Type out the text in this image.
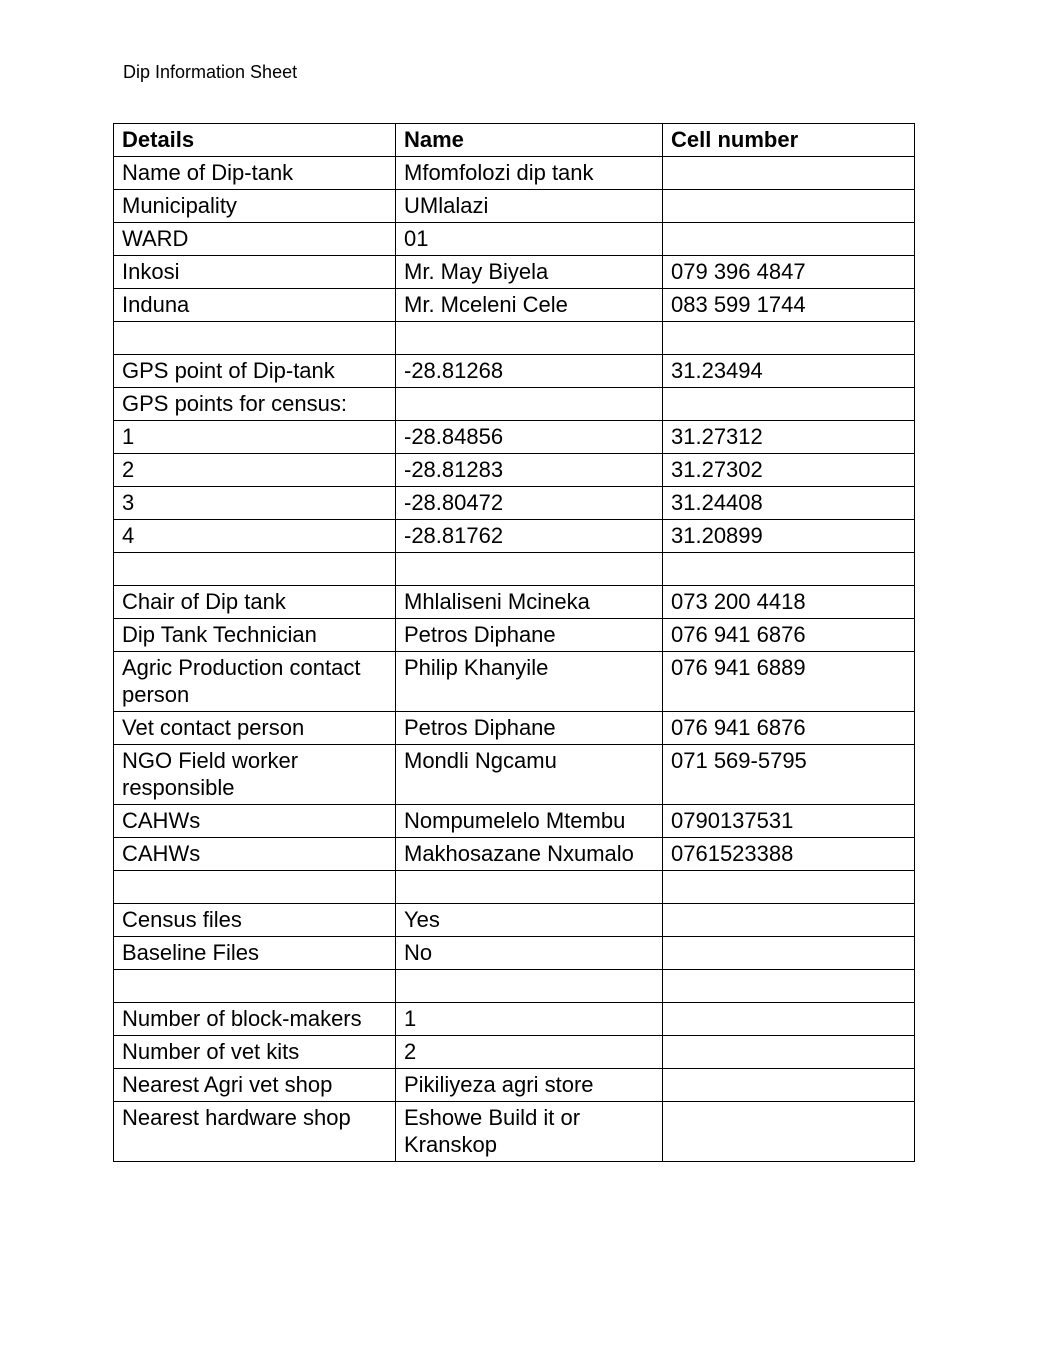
Dip Information Sheet
Details	Name	Cell number
Name of Dip-tank	Mfomfolozi dip tank	
Municipality	UMlalazi	
WARD	01	
Inkosi	Mr. May Biyela	079 396 4847
Induna	Mr. Mceleni Cele	083 599 1744

GPS point of Dip-tank	-28.81268	31.23494
GPS points for census:		
1	-28.84856	31.27312
2	-28.81283	31.27302
3	-28.80472	31.24408
4	-28.81762	31.20899

Chair of Dip tank	Mhlaliseni Mcineka	073 200 4418
Dip Tank Technician	Petros Diphane	076 941 6876
Agric Production contact person	Philip Khanyile	076 941 6889
Vet contact person	Petros Diphane	076 941 6876
NGO Field worker responsible	Mondli Ngcamu	071 569-5795
CAHWs	Nompumelelo Mtembu	0790137531
CAHWs	Makhosazane Nxumalo	0761523388

Census files	Yes	
Baseline Files	No	

Number of block-makers	1	
Number of vet kits	2	
Nearest Agri vet shop	Pikiliyeza agri store	
Nearest hardware shop	Eshowe Build it or Kranskop	
